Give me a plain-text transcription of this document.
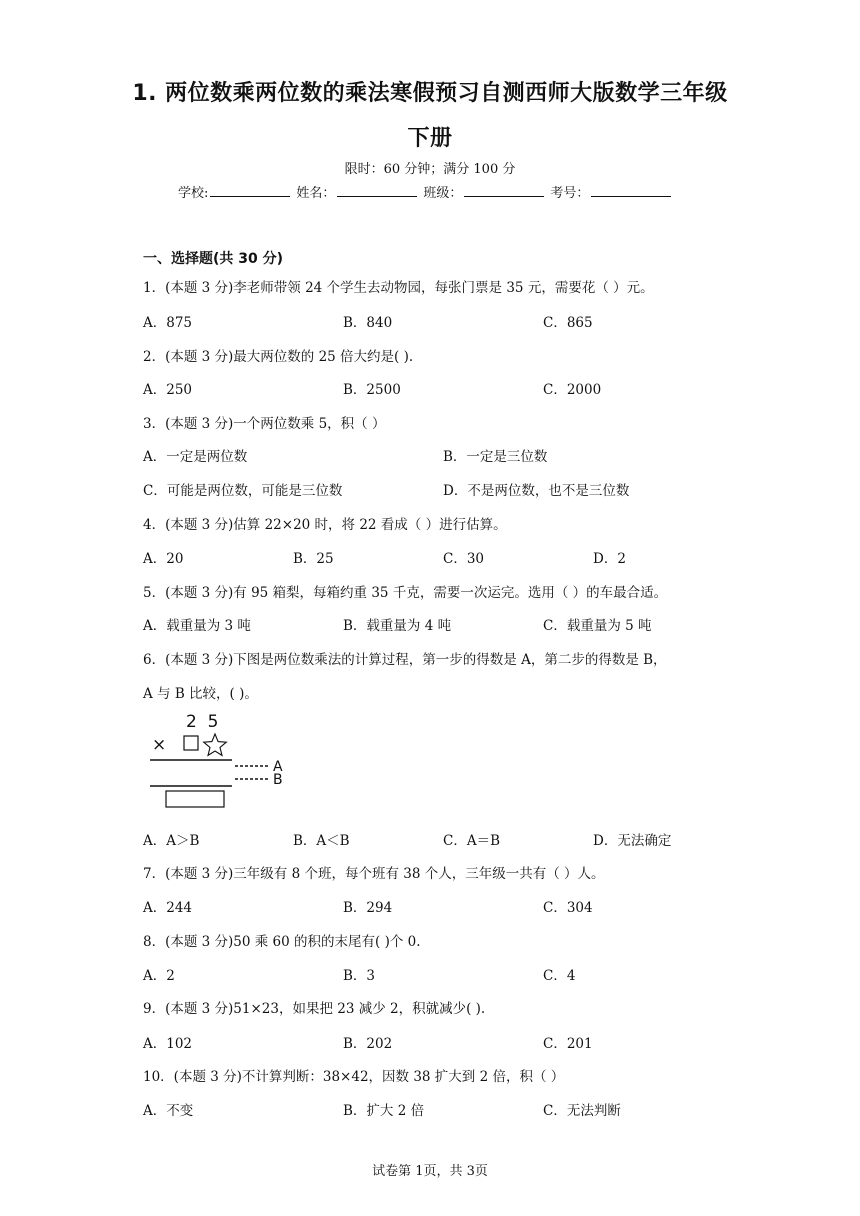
1. 两位数乘两位数的乘法寒假预习自测西师大版数学三年级
下册
限时：60 分钟；满分 100 分
学校:	姓名：	班级：	考号：
一、选择题(共 30 分)
1．(本题 3 分)李老师带领 24 个学生去动物园，每张门票是 35 元，需要花（ ）元。
A．875	B．840	C．865
2．(本题 3 分)最大两位数的 25 倍大约是( ).
A．250	B．2500	C．2000
3．(本题 3 分)一个两位数乘 5，积（ ）
A．一定是两位数	B．一定是三位数
C．可能是两位数，可能是三位数	D．不是两位数，也不是三位数
4．(本题 3 分)估算 22×20 时，将 22 看成（ ）进行估算。
A．20	B．25	C．30	D．2
5．(本题 3 分)有 95 箱梨，每箱约重 35 千克，需要一次运完。选用（ ）的车最合适。
A．载重量为 3 吨	B．载重量为 4 吨	C．载重量为 5 吨
6．(本题 3 分)下图是两位数乘法的计算过程，第一步的得数是 A，第二步的得数是 B，
A 与 B 比较，( )。
2  5
×
A
B
A．A＞B	B．A＜B	C．A＝B	D．无法确定
7．(本题 3 分)三年级有 8 个班，每个班有 38 个人，三年级一共有（ ）人。
A．244	B．294	C．304
8．(本题 3 分)50 乘 60 的积的末尾有( )个 0.
A．2	B．3	C．4
9．(本题 3 分)51×23，如果把 23 减少 2，积就减少( ).
A．102	B．202	C．201
10．(本题 3 分)不计算判断：38×42，因数 38 扩大到 2 倍，积（ ）
A．不变	B．扩大 2 倍	C．无法判断
试卷第 1页，共 3页
